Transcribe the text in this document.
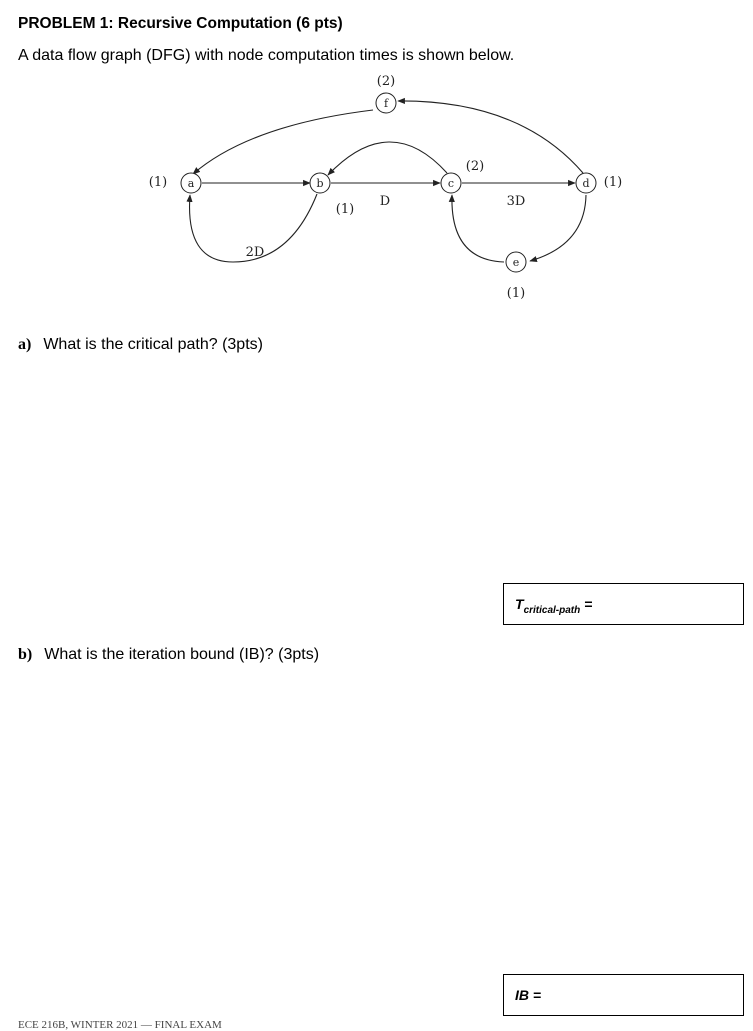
PROBLEM 1: Recursive Computation (6 pts)
A data flow graph (DFG) with node computation times is shown below.
a	b	c	d
e
f
(1)
(1)
(2)
(1)
(1)
(2)
D	3D
2D
a) What is the critical path? (3pts)
$T_{critical-path}$ =
b) What is the iteration bound (IB)? (3pts)
IB =
ECE 216B, WINTER 2021 — FINAL EXAM
